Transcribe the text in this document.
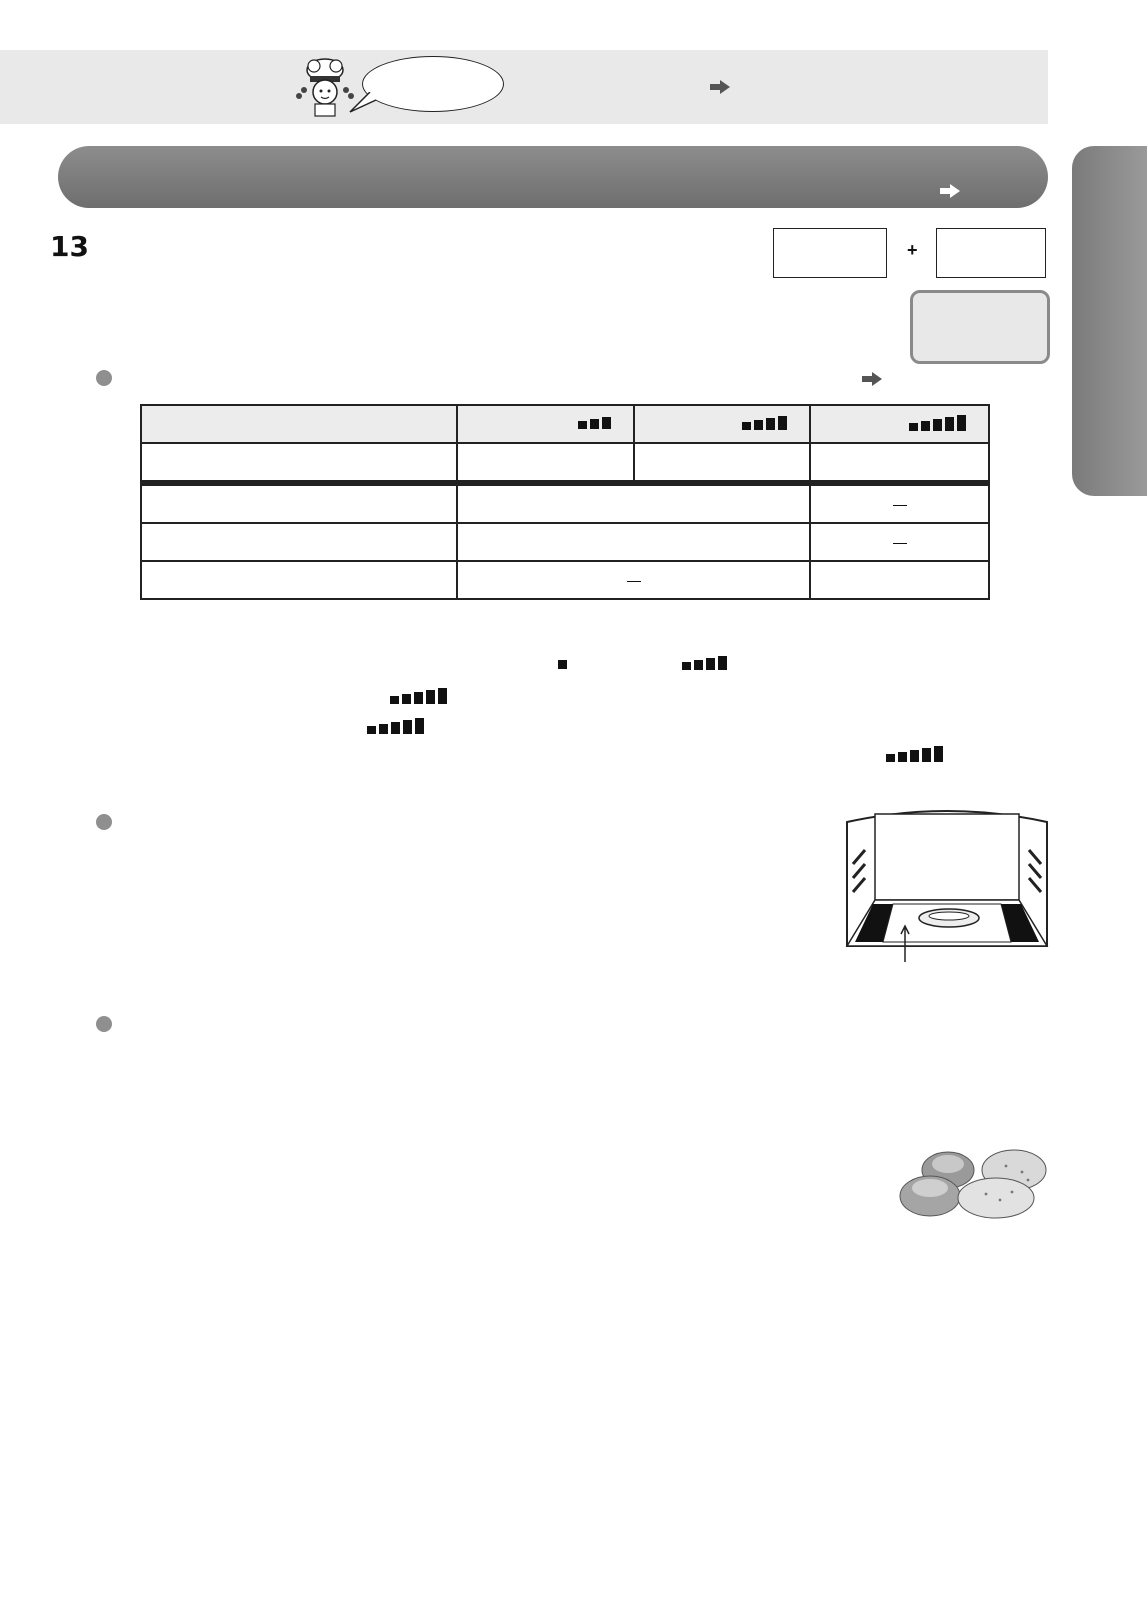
13	+
